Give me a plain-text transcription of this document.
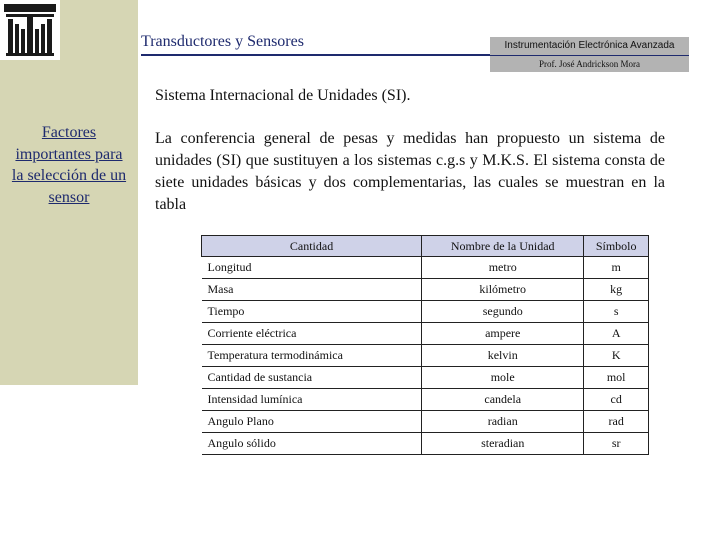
Factores importantes para la selección de un sensor
Transductores y Sensores	Instrumentación Electrónica Avanzada
Prof. José Andrickson Mora
Sistema Internacional de Unidades (SI).
La conferencia general de pesas y medidas han propuesto un sistema de unidades (SI) que sustituyen a los sistemas c.g.s y M.K.S. El sistema consta de siete unidades básicas y dos complementarias, las cuales se muestran en la tabla
Cantidad	Nombre de la Unidad	Símbolo
Longitud	metro	m
Masa	kilómetro	kg
Tiempo	segundo	s
Corriente eléctrica	ampere	A
Temperatura termodinámica	kelvin	K
Cantidad de sustancia	mole	mol
Intensidad lumínica	candela	cd
Angulo Plano	radian	rad
Angulo sólido	steradian	sr
